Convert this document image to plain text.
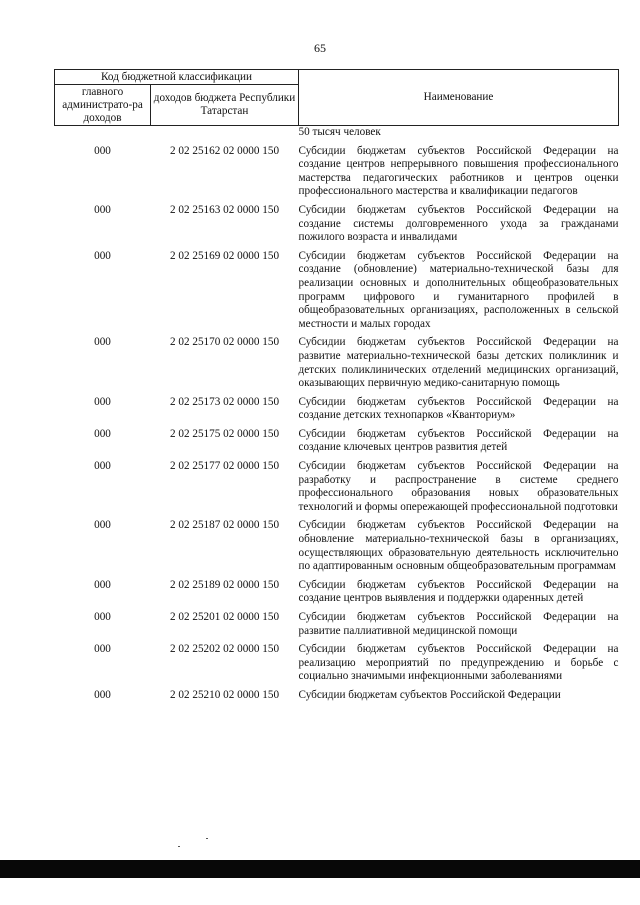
65
Код бюджетной классификации		Наименование
главного администрато-ра доходов	доходов бюджета Республики Татарстан	
		50 тысяч человек
000	2 02 25162 02 0000 150	Субсидии бюджетам субъектов Российской Федерации на создание центров непрерывного повышения профессионального мастерства педагогических работников и центров оценки профессионального мастерства и квалификации педагогов
000	2 02 25163 02 0000 150	Субсидии бюджетам субъектов Российской Федерации на создание системы долговременного ухода за гражданами пожилого возраста и инвалидами
000	2 02 25169 02 0000 150	Субсидии бюджетам субъектов Российской Федерации на создание (обновление) материально-технической базы для реализации основных и дополнительных общеобразовательных программ цифрового и гуманитарного профилей в общеобразовательных организациях, расположенных в сельской местности и малых городах
000	2 02 25170 02 0000 150	Субсидии бюджетам субъектов Российской Федерации на развитие материально-технической базы детских поликлиник и детских поликлинических отделений медицинских организаций, оказывающих первичную медико-санитарную помощь
000	2 02 25173 02 0000 150	Субсидии бюджетам субъектов Российской Федерации на создание детских технопарков «Кванториум»
000	2 02 25175 02 0000 150	Субсидии бюджетам субъектов Российской Федерации на создание ключевых центров развития детей
000	2 02 25177 02 0000 150	Субсидии бюджетам субъектов Российской Федерации на разработку и распространение в системе среднего профессионального образования новых образовательных технологий и формы опережающей профессиональной подготовки
000	2 02 25187 02 0000 150	Субсидии бюджетам субъектов Российской Федерации на обновление материально-технической базы в организациях, осуществляющих образовательную деятельность исключительно по адаптированным основным общеобразовательным программам
000	2 02 25189 02 0000 150	Субсидии бюджетам субъектов Российской Федерации на создание центров выявления и поддержки одаренных детей
000	2 02 25201 02 0000 150	Субсидии бюджетам субъектов Российской Федерации на развитие паллиативной медицинской помощи
000	2 02 25202 02 0000 150	Субсидии бюджетам субъектов Российской Федерации на реализацию мероприятий по предупреждению и борьбе с социально значимыми инфекционными заболеваниями
000	2 02 25210 02 0000 150	Субсидии бюджетам субъектов Российской Федерации
